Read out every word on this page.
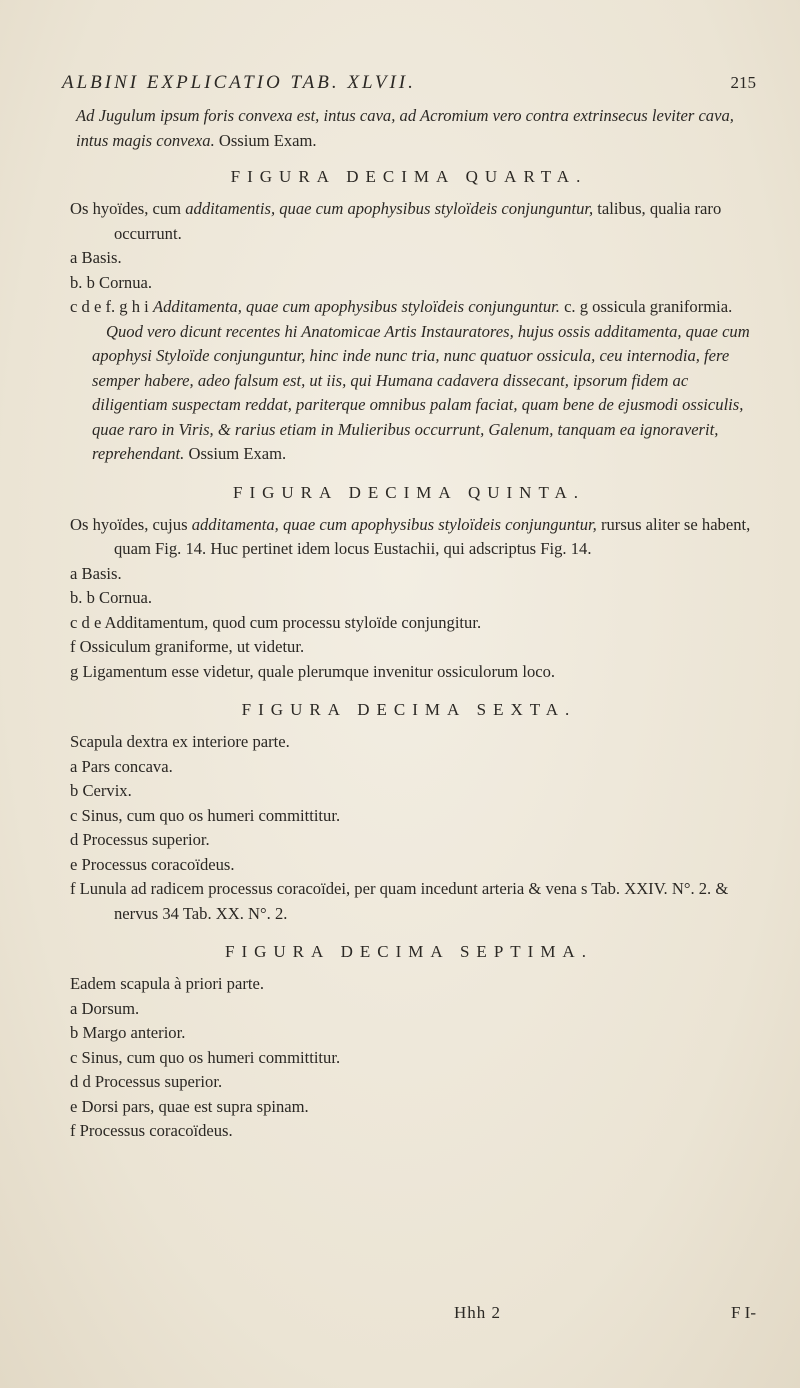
ALBINI EXPLICATIO TAB. XLVII.	215

Ad Jugulum ipsum foris convexa est, intus cava, ad Acromium vero contra extrinsecus leviter cava, intus magis convexa. Ossium Exam.

FIGURA DECIMA QUARTA.

Os hyoïdes, cum additamentis, quae cum apophysibus styloïdeis conjunguntur, talibus, qualia raro occurrunt.

a Basis.

b. b Cornua.

c d e f. g h i Additamenta, quae cum apophysibus styloïdeis conjunguntur. c. g ossicula graniformia.

Quod vero dicunt recentes hi Anatomicae Artis Instauratores, hujus ossis additamenta, quae cum apophysi Styloïde conjunguntur, hinc inde nunc tria, nunc quatuor ossicula, ceu internodia, fere semper habere, adeo falsum est, ut iis, qui Humana cadavera dissecant, ipsorum fidem ac diligentiam suspectam reddat, pariterque omnibus palam faciat, quam bene de ejusmodi ossiculis, quae raro in Viris, & rarius etiam in Mulieribus occurrunt, Galenum, tanquam ea ignoraverit, reprehendant. Ossium Exam.

FIGURA DECIMA QUINTA.

Os hyoïdes, cujus additamenta, quae cum apophysibus styloïdeis conjunguntur, rursus aliter se habent, quam Fig. 14. Huc pertinet idem locus Eustachii, qui adscriptus Fig. 14.

a Basis.

b. b Cornua.

c d e Additamentum, quod cum processu styloïde conjungitur.

f Ossiculum graniforme, ut videtur.

g Ligamentum esse videtur, quale plerumque invenitur ossiculorum loco.

FIGURA DECIMA SEXTA.

Scapula dextra ex interiore parte.

a Pars concava.

b Cervix.

c Sinus, cum quo os humeri committitur.

d Processus superior.

e Processus coracoïdeus.

f Lunula ad radicem processus coracoïdei, per quam incedunt arteria & vena s Tab. XXIV. N°. 2. & nervus 34 Tab. XX. N°. 2.

FIGURA DECIMA SEPTIMA.

Eadem scapula à priori parte.

a Dorsum.

b Margo anterior.

c Sinus, cum quo os humeri committitur.

d d Processus superior.

e Dorsi pars, quae est supra spinam.

f Processus coracoïdeus.

Hhh 2	F I-
